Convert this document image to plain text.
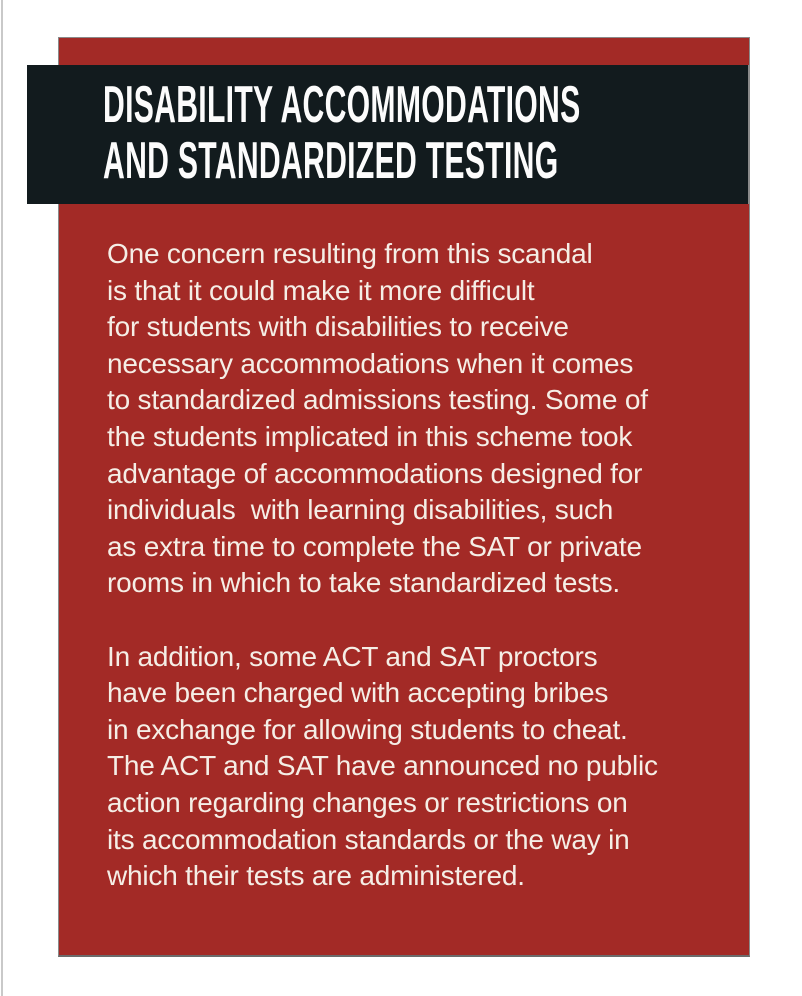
One concern resulting from this scandal
is that it could make it more difficult
for students with disabilities to receive
necessary accommodations when it comes
to standardized admissions testing. Some of
the students implicated in this scheme took
advantage of accommodations designed for
individuals  with learning disabilities, such
as extra time to complete the SAT or private
rooms in which to take standardized tests.
In addition, some ACT and SAT proctors
have been charged with accepting bribes
in exchange for allowing students to cheat.
The ACT and SAT have announced no public
action regarding changes or restrictions on
its accommodation standards or the way in
which their tests are administered.
DISABILITY ACCOMMODATIONS
AND STANDARDIZED TESTING
